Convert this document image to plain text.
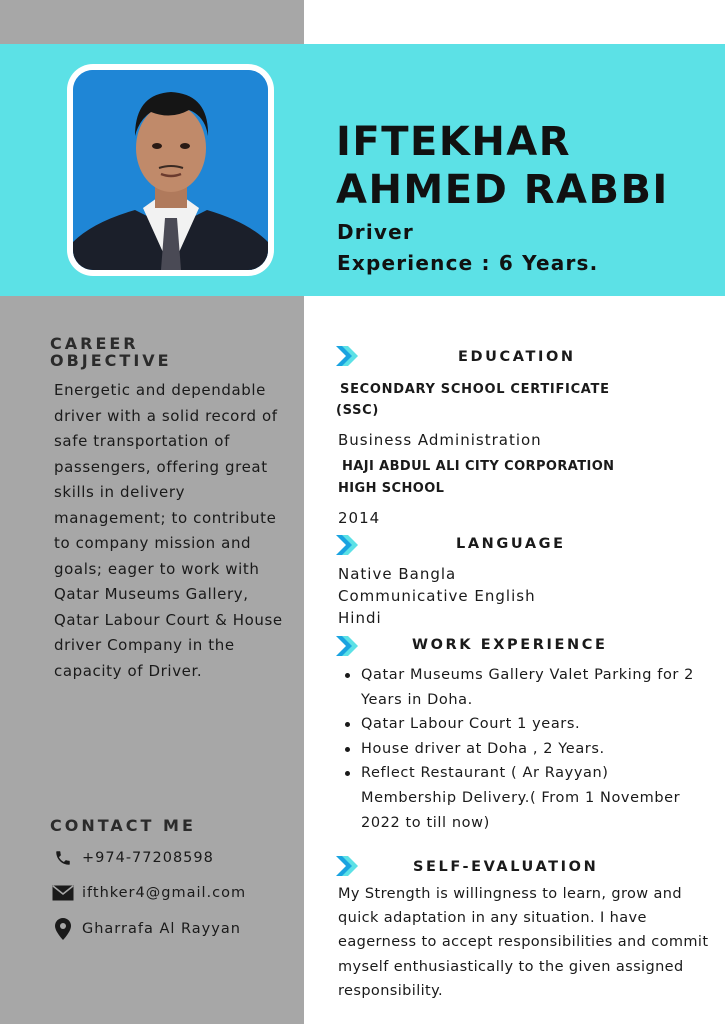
IFTEKHAR
AHMED RABBI
Driver
Experience : 6 Years.
CAREER
OBJECTIVE
Energetic and dependable driver with a solid record of safe transportation of passengers, offering great skills in delivery management; to contribute to company mission and goals; eager to work with Qatar Museums Gallery, Qatar Labour Court & House driver Company in the capacity of Driver.
CONTACT ME
+974-77208598
ifthker4@gmail.com
Gharrafa Al Rayyan
EDUCATION
SECONDARY SCHOOL CERTIFICATE
(SSC)
Business Administration
HAJI ABDUL ALI CITY CORPORATION
HIGH SCHOOL
2014
LANGUAGE
Native Bangla
Communicative English
Hindi
WORK EXPERIENCE
Qatar Museums Gallery Valet Parking for 2 Years in Doha.
Qatar Labour Court 1 years.
House driver at Doha , 2 Years.
Reflect Restaurant ( Ar Rayyan) Membership Delivery.( From 1 November 2022 to till now)
SELF-EVALUATION
My Strength is willingness to learn, grow and quick adaptation in any situation. I have eagerness to accept responsibilities and commit myself enthusiastically to the given assigned responsibility.
